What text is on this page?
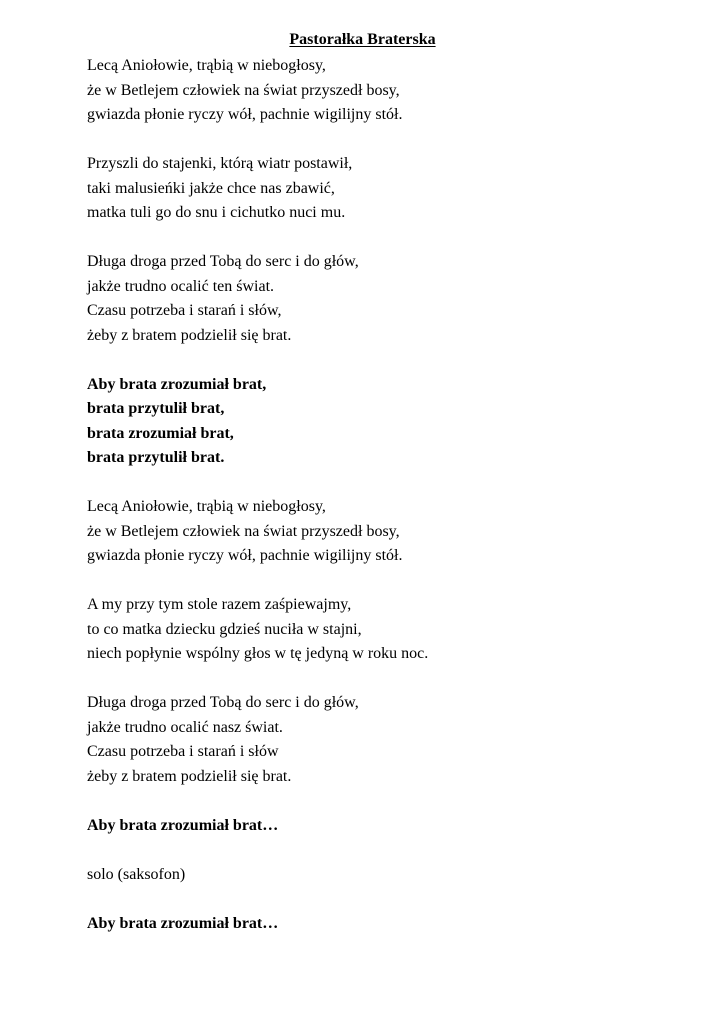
Pastorałka Braterska
Lecą Aniołowie, trąbią w niebogłosy,
że w Betlejem człowiek na świat przyszedł bosy,
gwiazda płonie ryczy wół, pachnie wigilijny stół.
Przyszli do stajenki, którą wiatr postawił,
taki malusieńki jakże chce nas zbawić,
matka tuli go do snu i cichutko nuci mu.
Długa droga przed Tobą do serc i do głów,
jakże trudno ocalić ten świat.
Czasu potrzeba i starań i słów,
żeby z bratem podzielił się brat.
Aby brata zrozumiał brat,
brata przytulił brat,
brata zrozumiał brat,
brata przytulił brat.
Lecą Aniołowie, trąbią w niebogłosy,
że w Betlejem człowiek na świat przyszedł bosy,
gwiazda płonie ryczy wół, pachnie wigilijny stół.
A my przy tym stole razem zaśpiewajmy,
to co matka dziecku gdzieś nuciła w stajni,
niech popłynie wspólny głos w tę jedyną w roku noc.
Długa droga przed Tobą do serc i do głów,
jakże trudno ocalić nasz świat.
Czasu potrzeba i starań i słów
żeby z bratem podzielił się brat.
Aby brata zrozumiał brat…
solo (saksofon)
Aby brata zrozumiał brat…
